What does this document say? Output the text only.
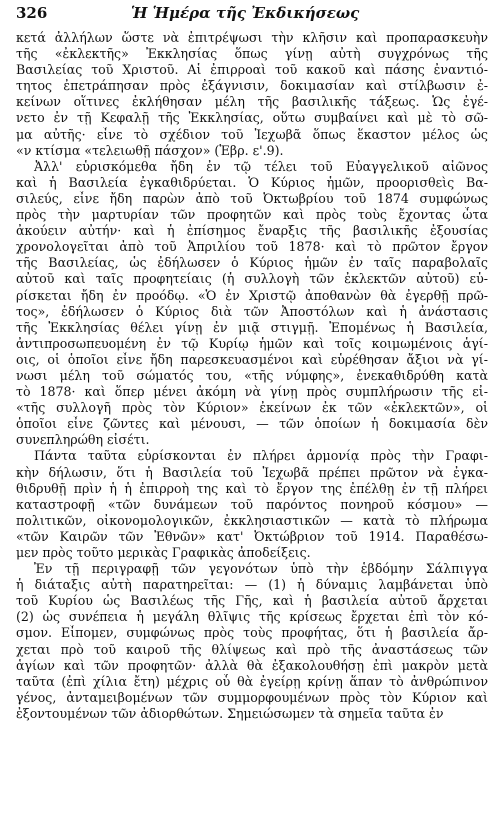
326	Ἡ Ἡμέρα τῆς Ἐκδικήσεως
κετά ἀλλήλων ὥστε νὰ ἐπιτρέψωσι τὴν κλῆσιν καὶ προπαρασκευὴν
τῆς «ἐκλεκτῆς» Ἐκκλησίας ὅπως γίνῃ αὐτὴ συγχρόνως τῆς
Βασιλείας τοῦ Χριστοῦ. Αἱ ἐπιρροαὶ τοῦ κακοῦ καὶ πάσης ἐναντιό-
τητος ἐπετράπησαν πρὸς ἐξάγνισιν, δοκιμασίαν καὶ στίλβωσιν ἐ-
κείνων οἵτινες ἐκλήθησαν μέλη τῆς βασιλικῆς τάξεως. Ὡς ἐγέ-
νετο ἐν τῇ Κεφαλῇ τῆς Ἐκκλησίας, οὕτω συμβαίνει καὶ μὲ τὸ σῶ-
μα αὐτῆς· εἶνε τὸ σχέδιον τοῦ Ἰεχωβᾶ ὅπως ἕκαστον μέλος ὡς
«ν κτίσμα «τελειωθῇ πάσχον» (Ἑβρ. ε'.9).
Ἀλλ' εὑρισκόμεθα ἤδη ἐν τῷ τέλει τοῦ Εὐαγγελικοῦ αἰῶνος
καὶ ἡ Βασιλεία ἐγκαθιδρύεται. Ὁ Κύριος ἡμῶν, προορισθεὶς Βα-
σιλεύς, εἶνε ἤδη παρὼν ἀπὸ τοῦ Ὀκτωβρίου τοῦ 1874 συμφώνως
πρὸς τὴν μαρτυρίαν τῶν προφητῶν καὶ πρὸς τοὺς ἔχοντας ὦτα
ἀκούειν αὐτήν· καὶ ἡ ἐπίσημος ἔναρξις τῆς βασιλικῆς ἐξουσίας
χρονολογεῖται ἀπὸ τοῦ Ἀπριλίου τοῦ 1878· καὶ τὸ πρῶτον ἔργον
τῆς Βασιλείας, ὡς ἐδήλωσεν ὁ Κύριος ἡμῶν ἐν ταῖς παραβολαῖς
αὐτοῦ καὶ ταῖς προφητείαις (ἡ συλλογὴ τῶν ἐκλεκτῶν αὐτοῦ) εὑ-
ρίσκεται ἤδη ἐν προόδῳ. «Ὁ ἐν Χριστῷ ἀποθανὼν θὰ ἐγερθῇ πρῶ-
τος», ἐδήλωσεν ὁ Κύριος διὰ τῶν Ἀποστόλων καὶ ἡ ἀνάστασις
τῆς Ἐκκλησίας θέλει γίνῃ ἐν μιᾷ στιγμῇ. Ἐπομένως ἡ Βασιλεία,
ἀντιπροσωπευομένη ἐν τῷ Κυρίῳ ἡμῶν καὶ τοῖς κοιμωμένοις ἁγί-
οις, οἱ ὁποῖοι εἶνε ἤδη παρεσκευασμένοι καὶ εὑρέθησαν ἄξιοι νὰ γί-
νωσι μέλη τοῦ σώματός του, «τῆς νύμφης», ἐνεκαθιδρύθη κατὰ
τὸ 1878· καὶ ὅπερ μένει ἀκόμη νὰ γίνῃ πρὸς συμπλήρωσιν τῆς εἰ-
«τῆς συλλογῆ πρὸς τὸν Κύριον» ἐκείνων ἐκ τῶν «ἐκλεκτῶν», οἱ
ὁποῖοι εἶνε ζῶντες καὶ μένουσι, — τῶν ὁποίων ἡ δοκιμασία δὲν
συνεπληρώθη εἰσέτι.
Πάντα ταῦτα εὑρίσκονται ἐν πλήρει ἁρμονίᾳ πρὸς τὴν Γραφι-
κὴν δήλωσιν, ὅτι ἡ Βασιλεία τοῦ Ἰεχωβᾶ πρέπει πρῶτον νὰ ἐγκα-
θιδρυθῇ πρὶν ἡ ἡ ἐπιρροὴ της καὶ τὸ ἔργον της ἐπέλθῃ ἐν τῇ πλήρει
καταστροφῇ «τῶν δυνάμεων τοῦ παρόντος πονηροῦ κόσμου» —
πολιτικῶν, οἰκονομολογικῶν, ἐκκλησιαστικῶν — κατὰ τὸ πλήρωμα
«τῶν Καιρῶν τῶν Ἐθνῶν» κατ' Ὀκτώβριον τοῦ 1914. Παραθέσω-
μεν πρὸς τοῦτο μερικὰς Γραφικὰς ἀποδείξεις.
Ἐν τῇ περιγραφῇ τῶν γεγονότων ὑπὸ τὴν ἑβδόμην Σάλπιγγα
ἡ διάταξις αὐτὴ παρατηρεῖται: — (1) ἡ δύναμις λαμβάνεται ὑπὸ
τοῦ Κυρίου ὡς Βασιλέως τῆς Γῆς, καὶ ἡ βασιλεία αὐτοῦ ἄρχεται
(2) ὡς συνέπεια ἡ μεγάλη θλῖψις τῆς κρίσεως ἔρχεται ἐπὶ τὸν κό-
σμον. Εἶπομεν, συμφώνως πρὸς τοὺς προφήτας, ὅτι ἡ βασιλεία ἄρ-
χεται πρὸ τοῦ καιροῦ τῆς θλίψεως καὶ πρὸ τῆς ἀναστάσεως τῶν
ἁγίων καὶ τῶν προφητῶν· ἀλλὰ θὰ ἐξακολουθήσῃ ἐπὶ μακρὸν μετὰ
ταῦτα (ἐπὶ χίλια ἔτη) μέχρις οὗ θὰ ἐγείρῃ κρίνῃ ἅπαν τὸ ἀνθρώπινον
γένος, ἀνταμειβομένων τῶν συμμορφουμένων πρὸς τὸν Κύριον καὶ
ἐξοντουμένων τῶν ἀδιορθώτων. Σημειώσωμεν τὰ σημεῖα ταῦτα ἐν
